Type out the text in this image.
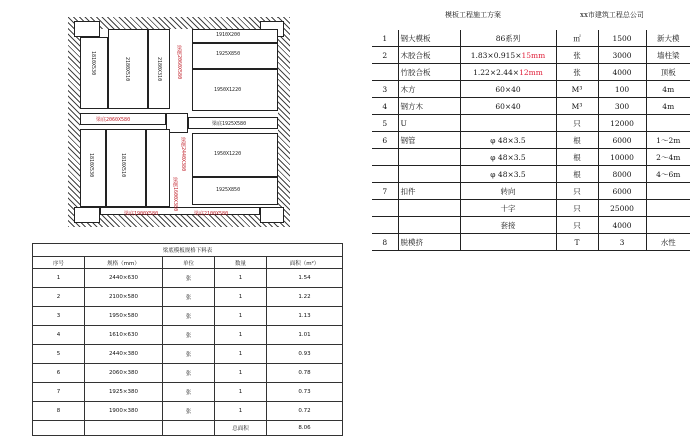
1910X200
1810X530	2180X510	2180X310
1925X850
1950X1220
1810X530	1810X510	1950X1220
1925X850
梁底2060X580
梁底1925X580
梁底1900X580	梁底2100X580
梁侧2060X580
梁侧2440X380
梁侧1600X380
模板工程施工方案	xx市建筑工程总公司
1	钢大模板	86系列	㎡	1500	新大模
2	木胶合板	1.83×0.915×15mm	张	3000	墙柱梁
	竹胶合板	1.22×2.44×12mm	张	4000	顶板
3	木方	60×40	M³	100	4m
4	钢方木	60×40	M³	300	4m
5	U		只	12000	
6	钢管	φ 48×3.5	根	6000	1～2m
		φ 48×3.5	根	10000	2～4m
		φ 48×3.5	根	8000	4～6m
7	扣件	转向	只	6000	
		十字	只	25000	
		套接	只	4000	
8	脱模挤		T	3	水性
梁底模板规格下料表				
序号	规格（mm）	单位	数量	面积（m²）
1	2440×630	张	1	1.54
2	2100×580	张	1	1.22
3	1950×580	张	1	1.13
4	1610×630	张	1	1.01
5	2440×380	张	1	0.93
6	2060×380	张	1	0.78
7	1925×380	张	1	0.73
8	1900×380	张	1	0.72
			总面积	8.06
